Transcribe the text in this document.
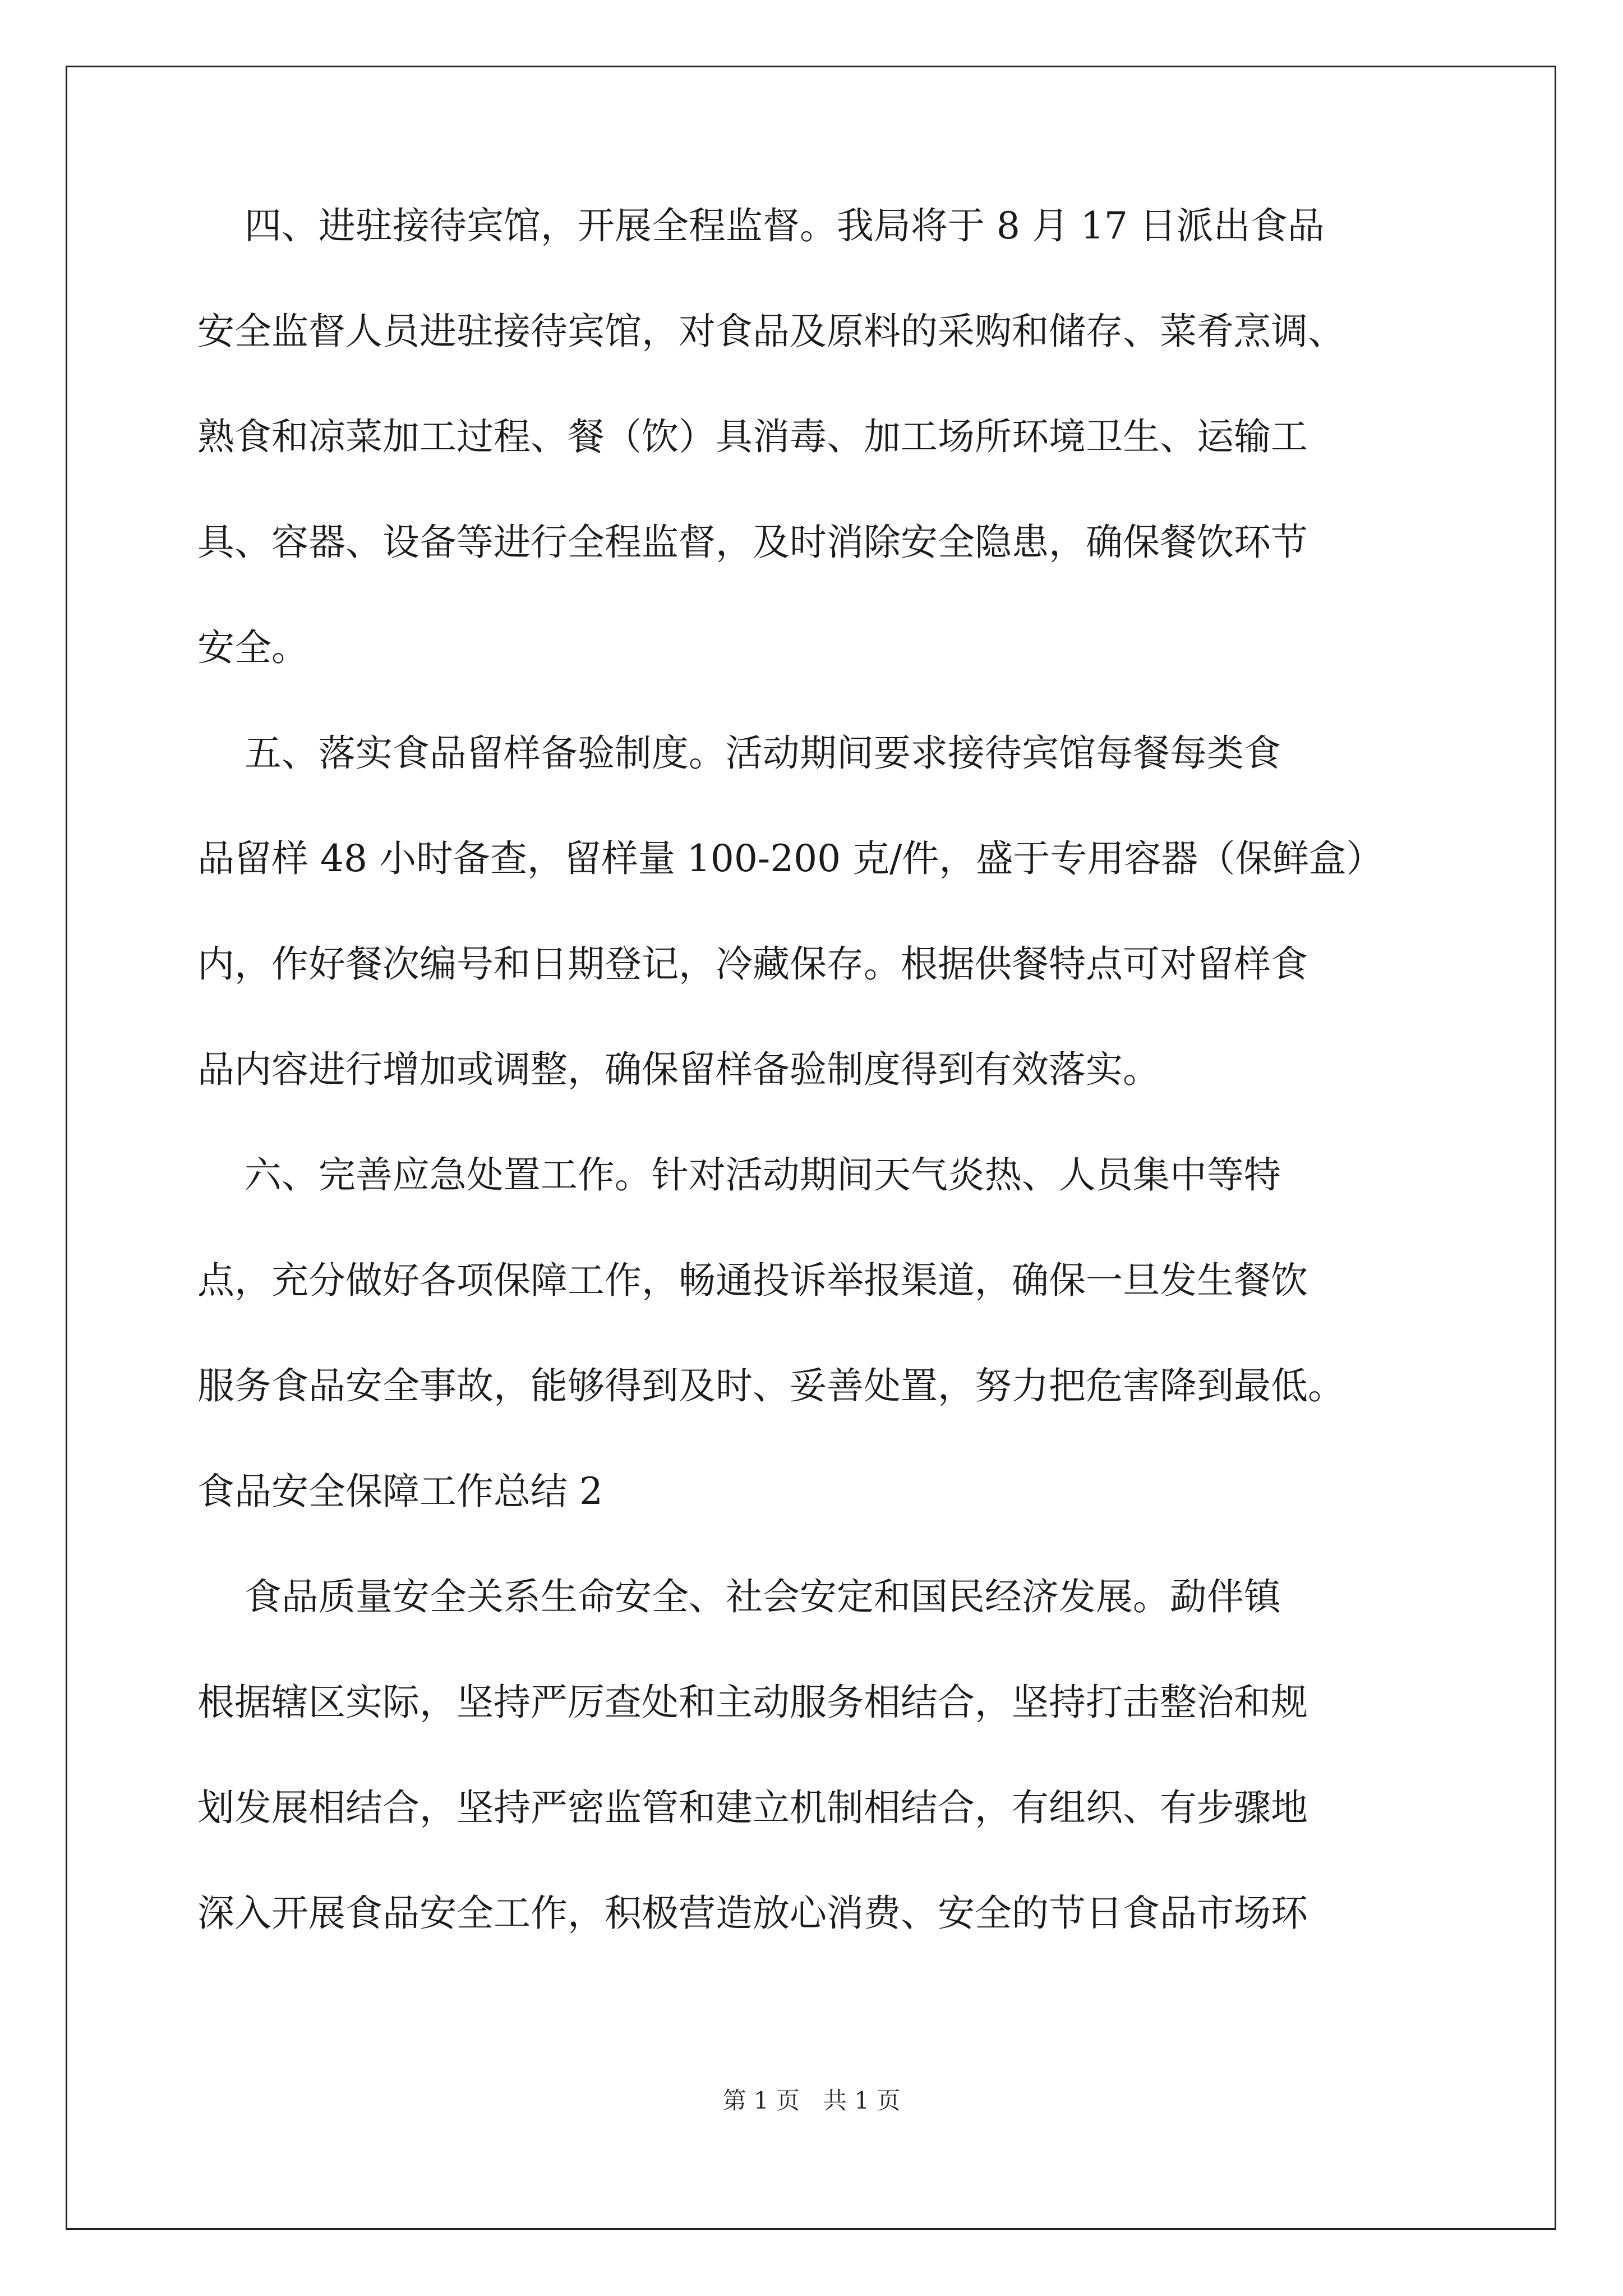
四、进驻接待宾馆，开展全程监督。我局将于 8 月 17 日派出食品
安全监督人员进驻接待宾馆，对食品及原料的采购和储存、菜肴烹调、
熟食和凉菜加工过程、餐（饮）具消毒、加工场所环境卫生、运输工
具、容器、设备等进行全程监督，及时消除安全隐患，确保餐饮环节
安全。
五、落实食品留样备验制度。活动期间要求接待宾馆每餐每类食
品留样 48 小时备查，留样量 100-200 克/件，盛于专用容器（保鲜盒）
内，作好餐次编号和日期登记，冷藏保存。根据供餐特点可对留样食
品内容进行增加或调整，确保留样备验制度得到有效落实。
六、完善应急处置工作。针对活动期间天气炎热、人员集中等特
点，充分做好各项保障工作，畅通投诉举报渠道，确保一旦发生餐饮
服务食品安全事故，能够得到及时、妥善处置，努力把危害降到最低。
食品安全保障工作总结 2
食品质量安全关系生命安全、社会安定和国民经济发展。勐伴镇
根据辖区实际，坚持严厉查处和主动服务相结合，坚持打击整治和规
划发展相结合，坚持严密监管和建立机制相结合，有组织、有步骤地
深入开展食品安全工作，积极营造放心消费、安全的节日食品市场环
第 1 页　共 1 页
